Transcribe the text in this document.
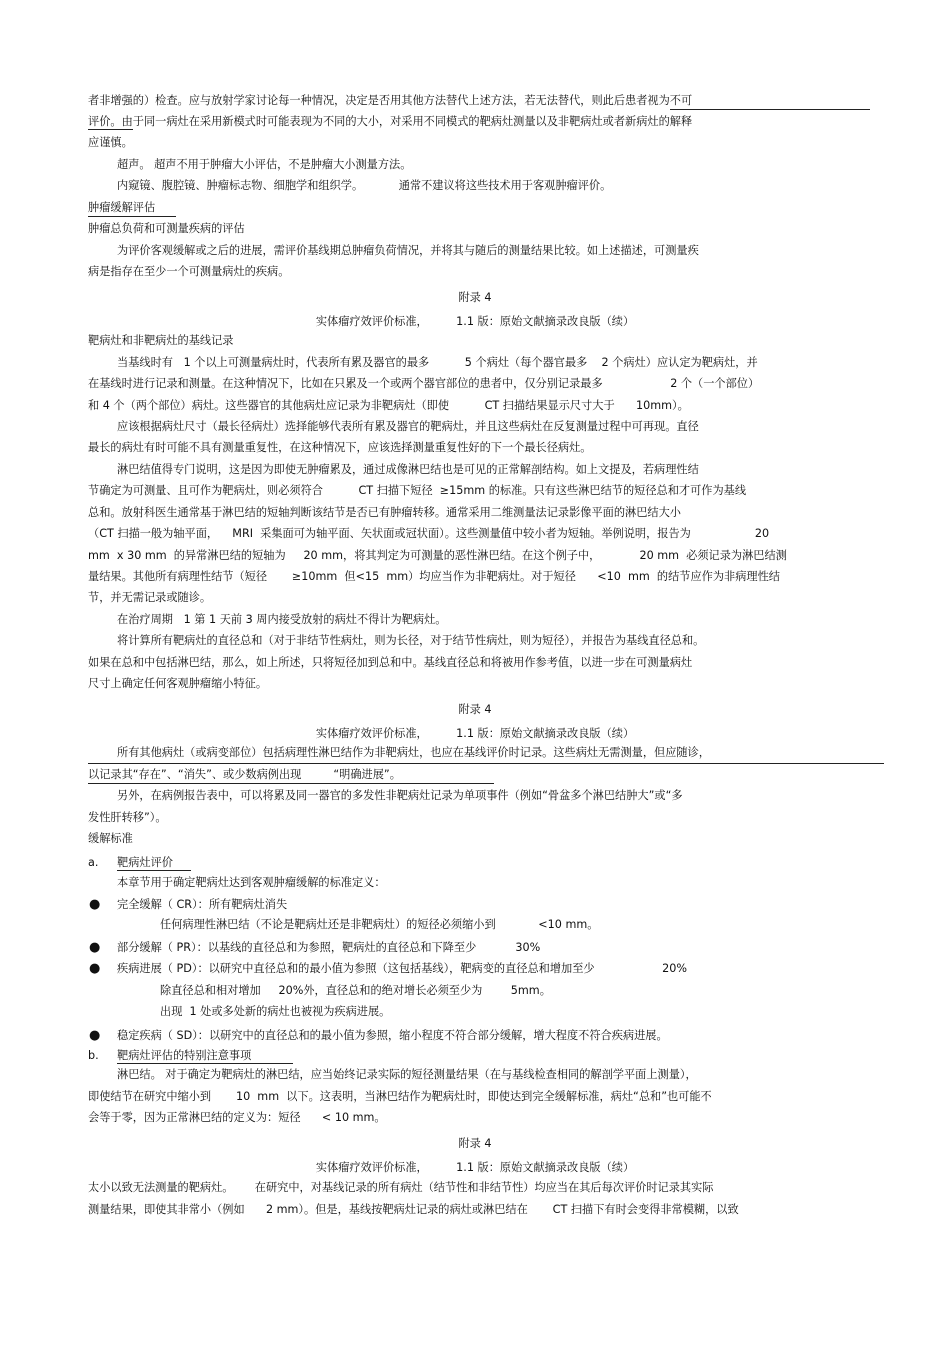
者非增强的）检查。应与放射学家讨论每一种情况，决定是否用其他方法替代上述方法，若无法替代，则此后患者视为不可
评价。由于同一病灶在采用新模式时可能表现为不同的大小，对采用不同模式的靶病灶测量以及非靶病灶或者新病灶的解释
应谨慎。
超声。 超声不用于肿瘤大小评估，不是肿瘤大小测量方法。
内窥镜、腹腔镜、肿瘤标志物、细胞学和组织学。          通常不建议将这些技术用于客观肿瘤评价。
肿瘤缓解评估
肿瘤总负荷和可测量疾病的评估
为评价客观缓解或之后的进展，需评价基线期总肿瘤负荷情况，并将其与随后的测量结果比较。如上述描述，可测量疾
病是指存在至少一个可测量病灶的疾病。
附录 4
实体瘤疗效评价标准，        1.1 版：原始文献摘录改良版（续）
靶病灶和非靶病灶的基线记录
当基线时有   1 个以上可测量病灶时，代表所有累及器官的最多          5 个病灶（每个器官最多    2 个病灶）应认定为靶病灶，并
在基线时进行记录和测量。在这种情况下，比如在只累及一个或两个器官部位的患者中，仅分别记录最多                   2 个（一个部位）
和 4 个（两个部位）病灶。这些器官的其他病灶应记录为非靶病灶（即使          CT 扫描结果显示尺寸大于      10mm）。
应该根据病灶尺寸（最长径病灶）选择能够代表所有累及器官的靶病灶，并且这些病灶在反复测量过程中可再现。直径
最长的病灶有时可能不具有测量重复性，在这种情况下，应该选择测量重复性好的下一个最长径病灶。
淋巴结值得专门说明，这是因为即使无肿瘤累及，通过成像淋巴结也是可见的正常解剖结构。如上文提及，若病理性结
节确定为可测量、且可作为靶病灶，则必须符合          CT 扫描下短径  ≥15mm 的标准。只有这些淋巴结节的短径总和才可作为基线
总和。放射科医生通常基于淋巴结的短轴判断该结节是否已有肿瘤转移。通常采用二维测量法记录影像平面的淋巴结大小
（CT 扫描一般为轴平面，    MRI  采集面可为轴平面、矢状面或冠状面）。这些测量值中较小者为短轴。举例说明，报告为                  20
mm  x 30 mm  的异常淋巴结的短轴为     20 mm，将其判定为可测量的恶性淋巴结。在这个例子中，           20 mm  必须记录为淋巴结测
量结果。其他所有病理性结节（短径       ≥10mm  但<15  mm）均应当作为非靶病灶。对于短径      <10  mm  的结节应作为非病理性结
节，并无需记录或随诊。
在治疗周期   1 第 1 天前 3 周内接受放射的病灶不得计为靶病灶。
将计算所有靶病灶的直径总和（对于非结节性病灶，则为长径，对于结节性病灶，则为短径），并报告为基线直径总和。
如果在总和中包括淋巴结，那么，如上所述，只将短径加到总和中。基线直径总和将被用作参考值，以进一步在可测量病灶
尺寸上确定任何客观肿瘤缩小特征。
附录 4
实体瘤疗效评价标准，        1.1 版：原始文献摘录改良版（续）
所有其他病灶（或病变部位）包括病理性淋巴结作为非靶病灶，也应在基线评价时记录。这些病灶无需测量，但应随诊，
以记录其“存在”、“消失”、或少数病例出现         “明确进展”。
另外，在病例报告表中，可以将累及同一器官的多发性非靶病灶记录为单项事件（例如“骨盆多个淋巴结肿大”或“多
发性肝转移”）。
缓解标准
a. 靶病灶评价
本章节用于确定靶病灶达到客观肿瘤缓解的标准定义：
● 完全缓解（ CR）：所有靶病灶消失
任何病理性淋巴结（不论是靶病灶还是非靶病灶）的短径必须缩小到            <10 mm。
● 部分缓解（ PR）：以基线的直径总和为参照，靶病灶的直径总和下降至少           30%
● 疾病进展（ PD）：以研究中直径总和的最小值为参照（这包括基线），靶病变的直径总和增加至少                   20%
除直径总和相对增加     20%外，直径总和的绝对增长必须至少为        5mm。
出现  1 处或多处新的病灶也被视为疾病进展。
● 稳定疾病（ SD）：以研究中的直径总和的最小值为参照，缩小程度不符合部分缓解，增大程度不符合疾病进展。
b. 靶病灶评估的特别注意事项
淋巴结。 对于确定为靶病灶的淋巴结，应当始终记录实际的短径测量结果（在与基线检查相同的解剖学平面上测量），
即使结节在研究中缩小到       10  mm  以下。这表明，当淋巴结作为靶病灶时，即使达到完全缓解标准，病灶“总和”也可能不
会等于零，因为正常淋巴结的定义为：短径      < 10 mm。
附录 4
实体瘤疗效评价标准，        1.1 版：原始文献摘录改良版（续）
太小以致无法测量的靶病灶。      在研究中，对基线记录的所有病灶（结节性和非结节性）均应当在其后每次评价时记录其实际
测量结果，即使其非常小（例如      2 mm）。但是，基线按靶病灶记录的病灶或淋巴结在       CT 扫描下有时会变得非常模糊，以致
